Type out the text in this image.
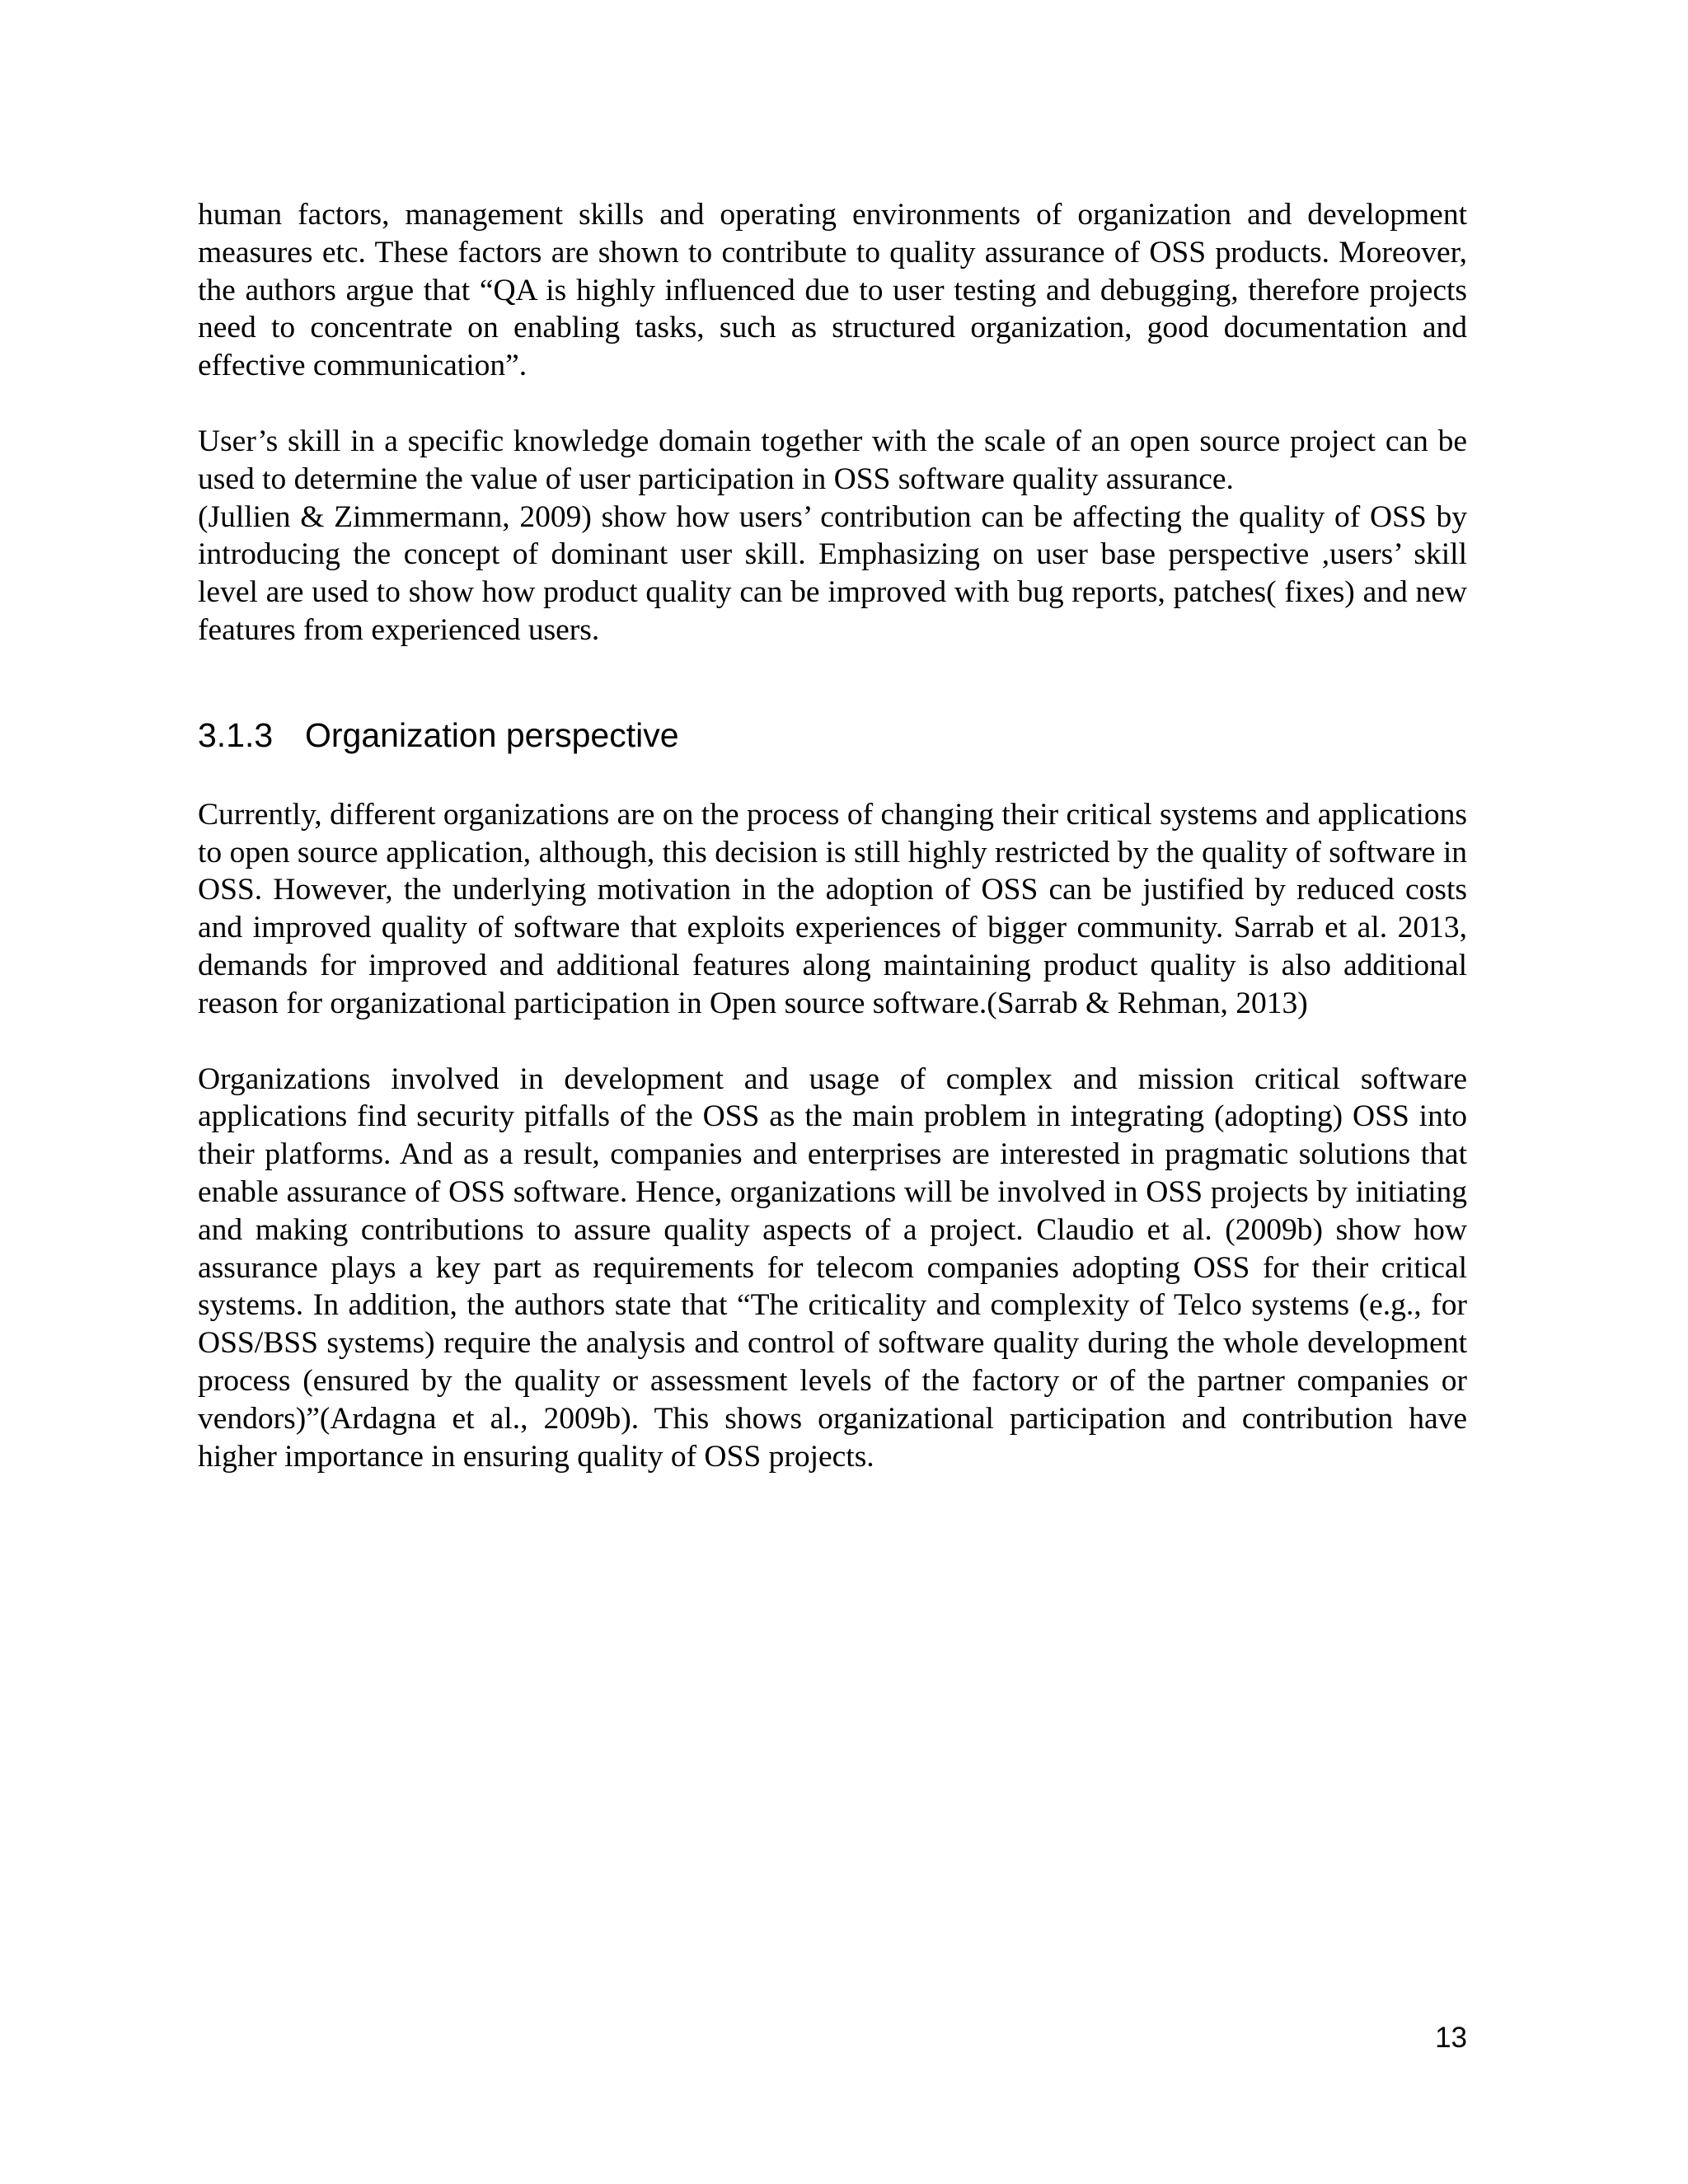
human factors, management skills and operating environments of organization and development measures etc. These factors are shown to contribute to quality assurance of OSS products. Moreover, the authors argue that “QA is highly influenced due to user testing and debugging, therefore projects need to concentrate on enabling tasks, such as structured organization, good documentation and effective communication”.

User’s skill in a specific knowledge domain together with the scale of an open source project can be used to determine the value of user participation in OSS software quality assurance.
(Jullien & Zimmermann, 2009) show how users’ contribution can be affecting the quality of OSS by introducing the concept of dominant user skill. Emphasizing on user base perspective ,users’ skill level are used to show how product quality can be improved with bug reports, patches( fixes) and new features from experienced users.

3.1.3 Organization perspective

Currently, different organizations are on the process of changing their critical systems and applications to open source application, although, this decision is still highly restricted by the quality of software in OSS. However, the underlying motivation in the adoption of OSS can be justified by reduced costs and improved quality of software that exploits experiences of bigger community. Sarrab et al. 2013, demands for improved and additional features along maintaining product quality is also additional reason for organizational participation in Open source software.(Sarrab & Rehman, 2013)

Organizations involved in development and usage of complex and mission critical software applications find security pitfalls of the OSS as the main problem in integrating (adopting) OSS into their platforms. And as a result, companies and enterprises are interested in pragmatic solutions that enable assurance of OSS software. Hence, organizations will be involved in OSS projects by initiating and making contributions to assure quality aspects of a project. Claudio et al. (2009b) show how assurance plays a key part as requirements for telecom companies adopting OSS for their critical systems. In addition, the authors state that “The criticality and complexity of Telco systems (e.g., for OSS/BSS systems) require the analysis and control of software quality during the whole development process (ensured by the quality or assessment levels of the factory or of the partner companies or vendors)”(Ardagna et al., 2009b). This shows organizational participation and contribution have higher importance in ensuring quality of OSS projects.

13
